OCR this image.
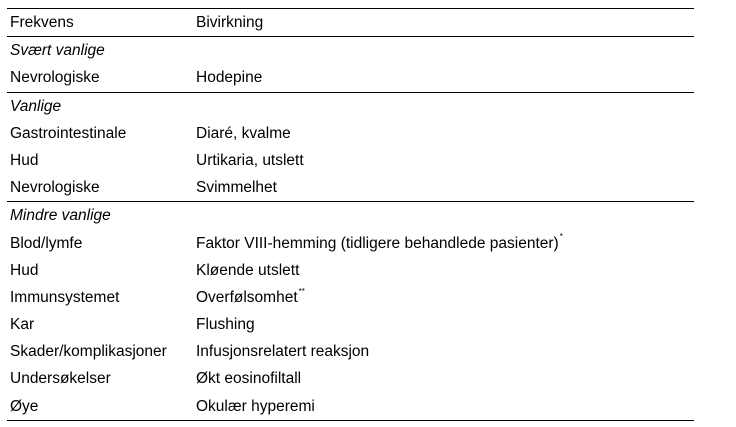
Frekvens	Bivirkning
Svært vanlige
Nevrologiske	Hodepine
Vanlige
Gastrointestinale	Diaré, kvalme
Hud	Urtikaria, utslett
Nevrologiske	Svimmelhet
Mindre vanlige
Blod/lymfe	Faktor VIII-hemming (tidligere behandlede pasienter)*
Hud	Kløende utslett
Immunsystemet	Overfølsomhet**
Kar	Flushing
Skader/komplikasjoner	Infusjonsrelatert reaksjon
Undersøkelser	Økt eosinofiltall
Øye	Okulær hyperemi
